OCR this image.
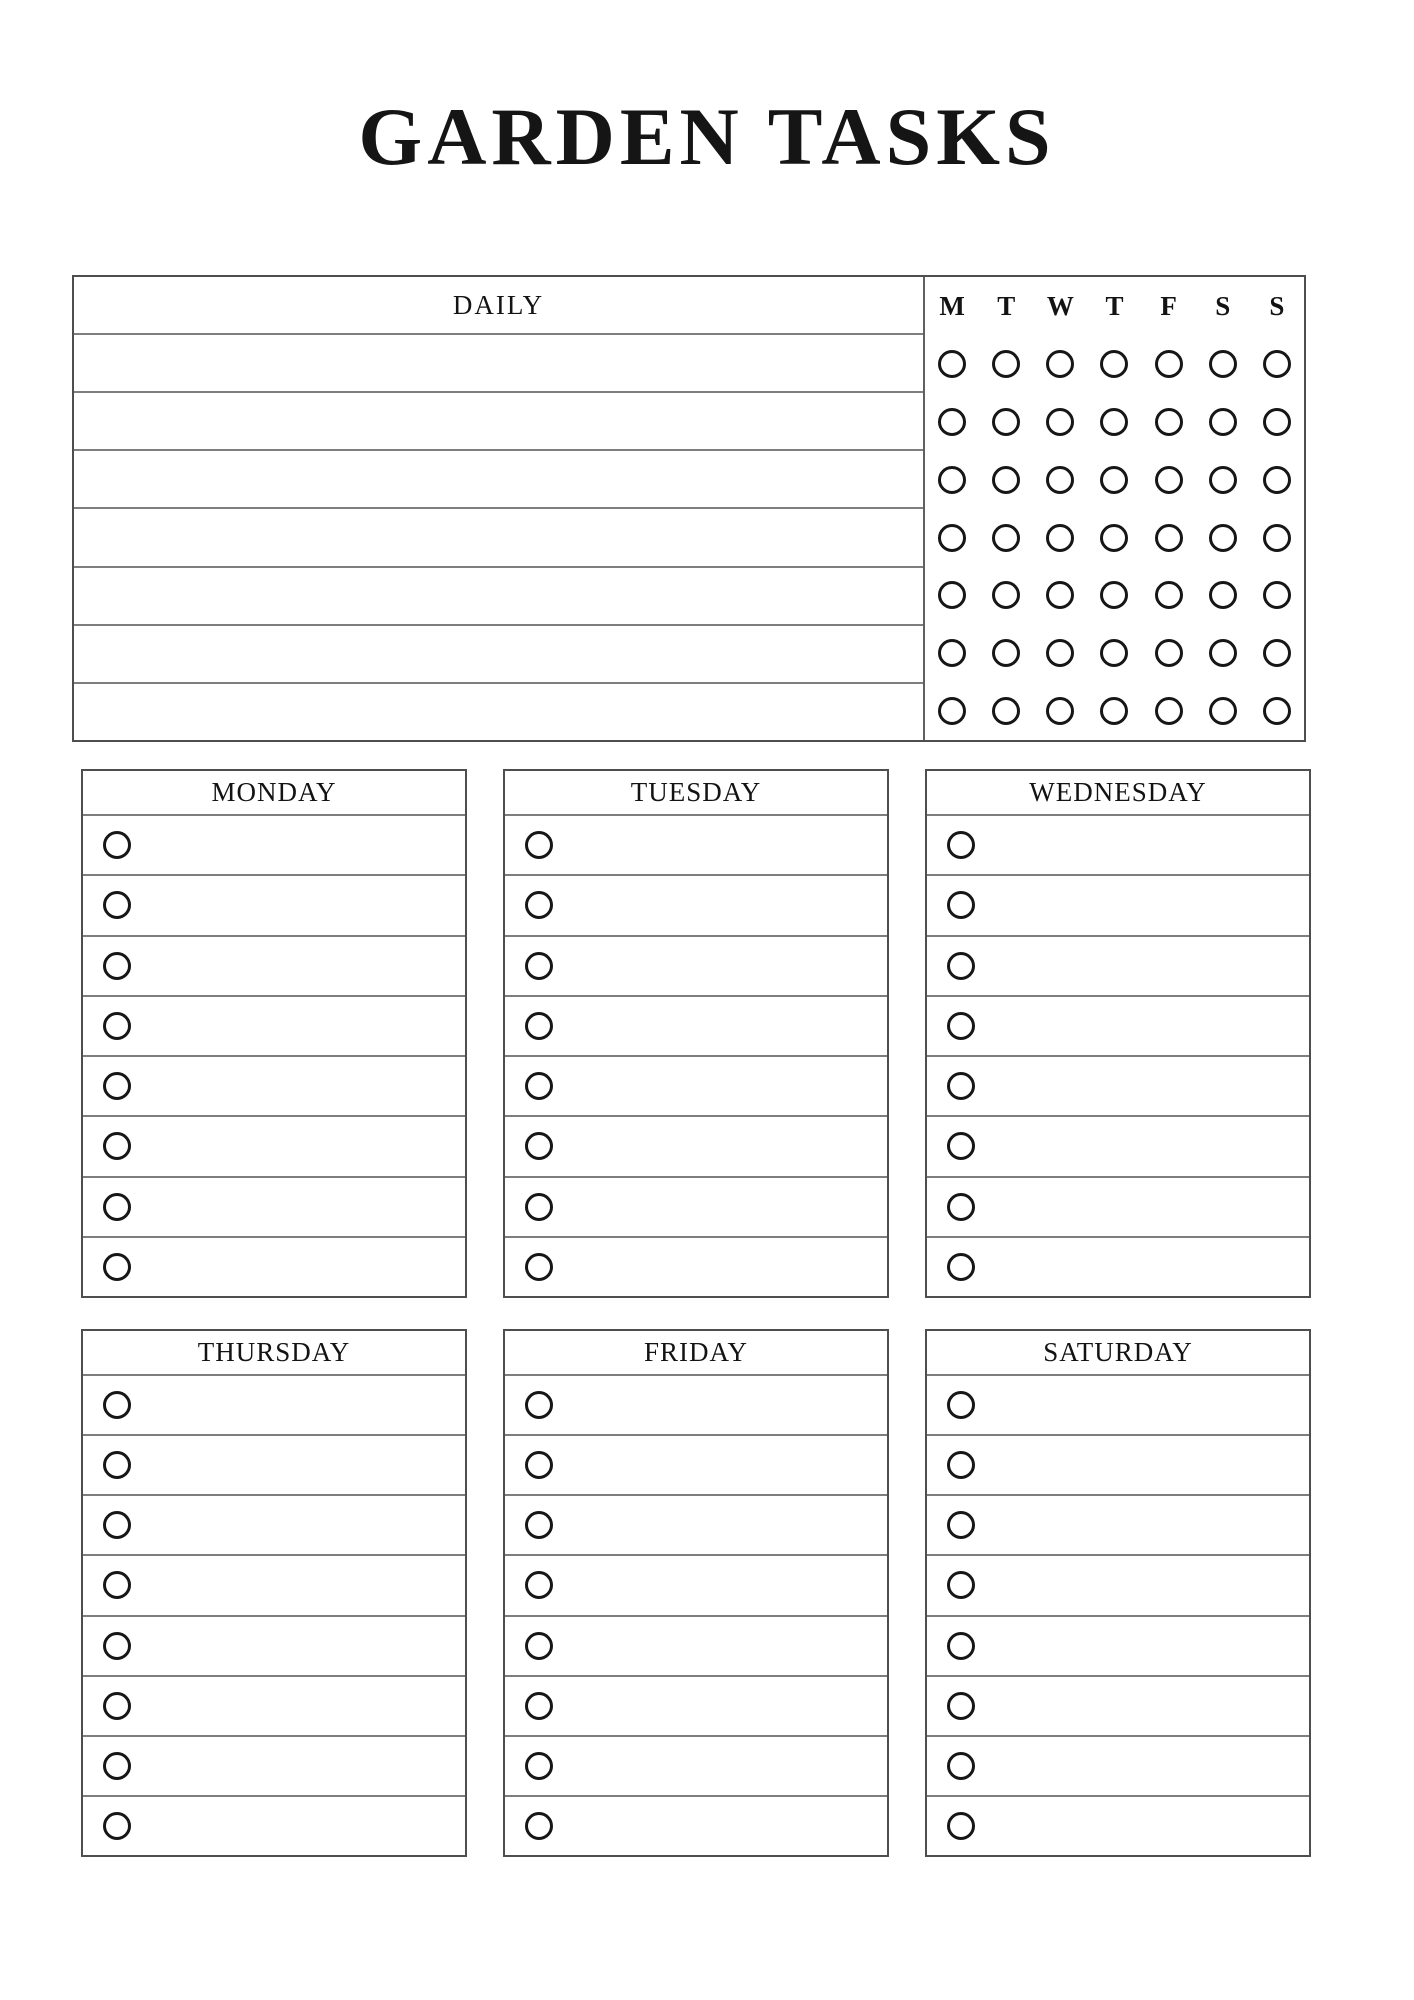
GARDEN TASKS
DAILY	M	T	W	T	F	S	S
MONDAY	TUESDAY	WEDNESDAY
THURSDAY	FRIDAY	SATURDAY
